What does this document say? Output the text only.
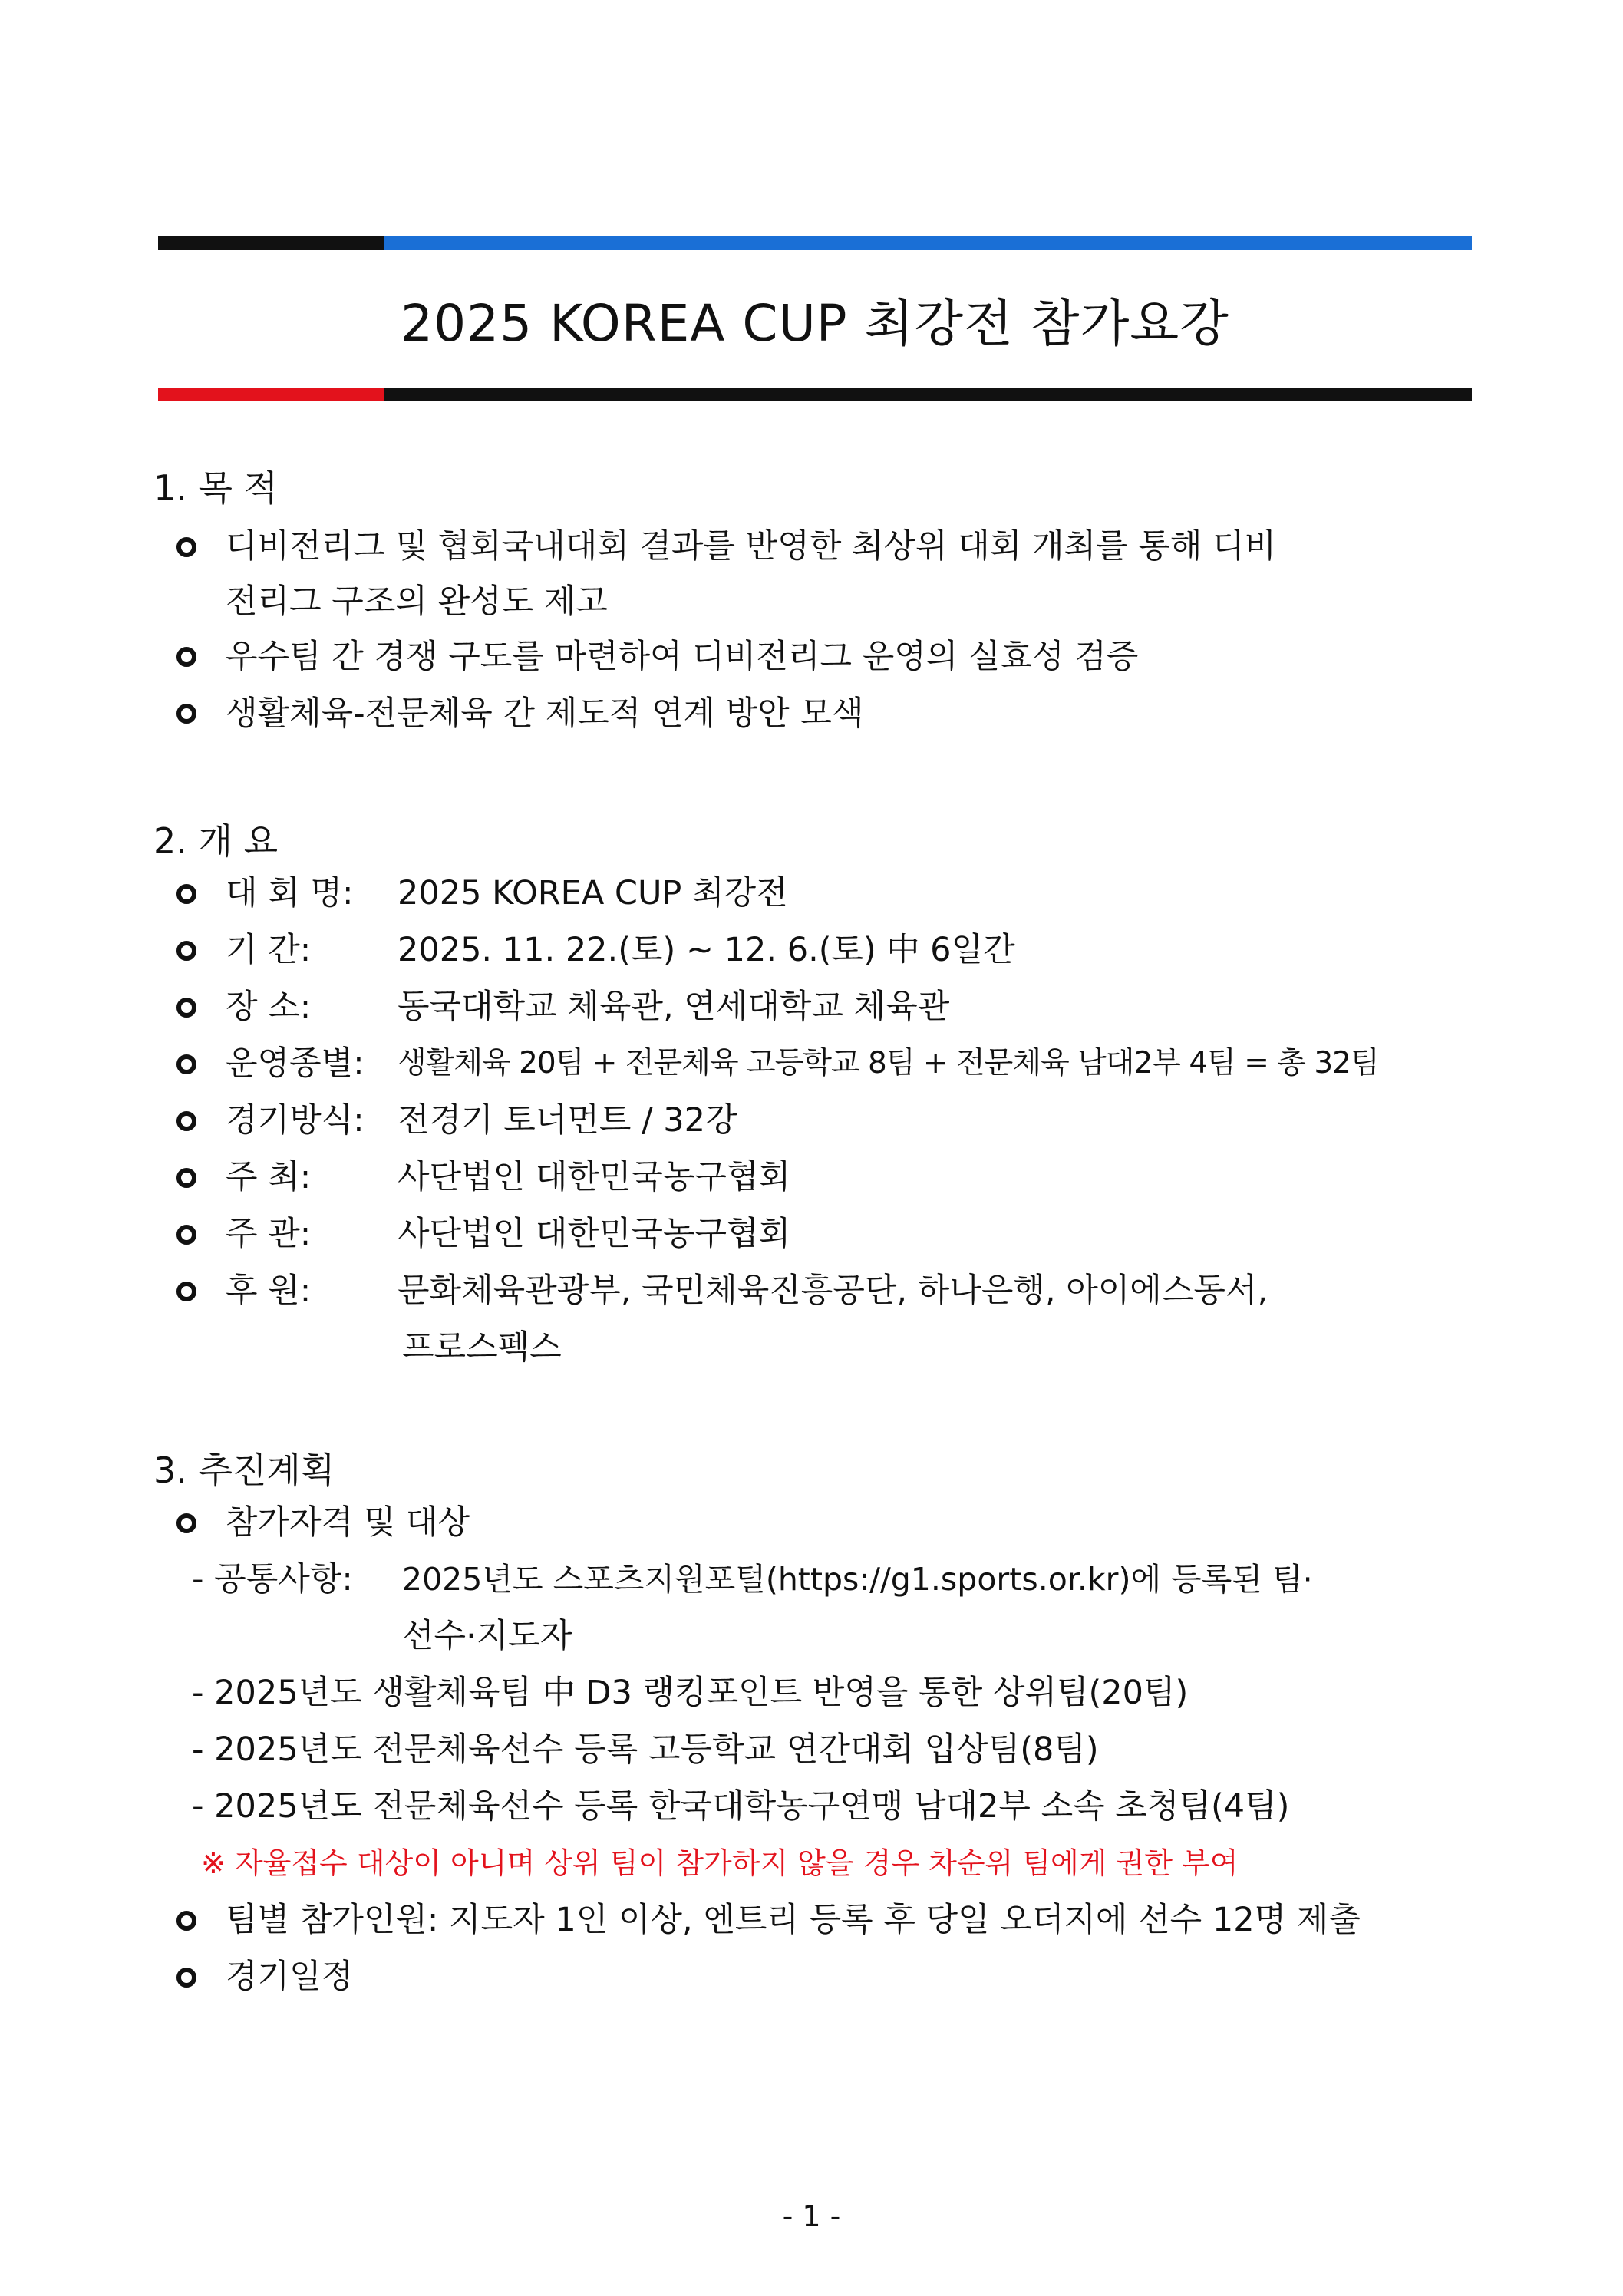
2025 KOREA CUP 최강전 참가요강
1. 목 적
디비전리그 및 협회국내대회 결과를 반영한 최상위 대회 개최를 통해 디비
전리그 구조의 완성도 제고
우수팀 간 경쟁 구도를 마련하여 디비전리그 운영의 실효성 검증
생활체육-전문체육 간 제도적 연계 방안 모색
2. 개 요
대 회 명: 2025 KOREA CUP 최강전
기 간:	2025. 11. 22.(토) ~ 12. 6.(토) 中 6일간
장 소:	동국대학교 체육관, 연세대학교 체육관
운영종별: 생활체육 20팀 + 전문체육 고등학교 8팀 + 전문체육 남대2부 4팀 = 총 32팀
경기방식: 전경기 토너먼트 / 32강
주 최:	사단법인 대한민국농구협회
주 관:	사단법인 대한민국농구협회
후 원:	문화체육관광부, 국민체육진흥공단, 하나은행, 아이에스동서,
프로스펙스
3. 추진계획
참가자격 및 대상
- 공통사항: 2025년도 스포츠지원포털(https://g1.sports.or.kr)에 등록된 팀·
선수·지도자
- 2025년도 생활체육팀 中 D3 랭킹포인트 반영을 통한 상위팀(20팀)
- 2025년도 전문체육선수 등록 고등학교 연간대회 입상팀(8팀)
- 2025년도 전문체육선수 등록 한국대학농구연맹 남대2부 소속 초청팀(4팀)
※ 자율접수 대상이 아니며 상위 팀이 참가하지 않을 경우 차순위 팀에게 권한 부여
팀별 참가인원: 지도자 1인 이상, 엔트리 등록 후 당일 오더지에 선수 12명 제출
경기일정
- 1 -
